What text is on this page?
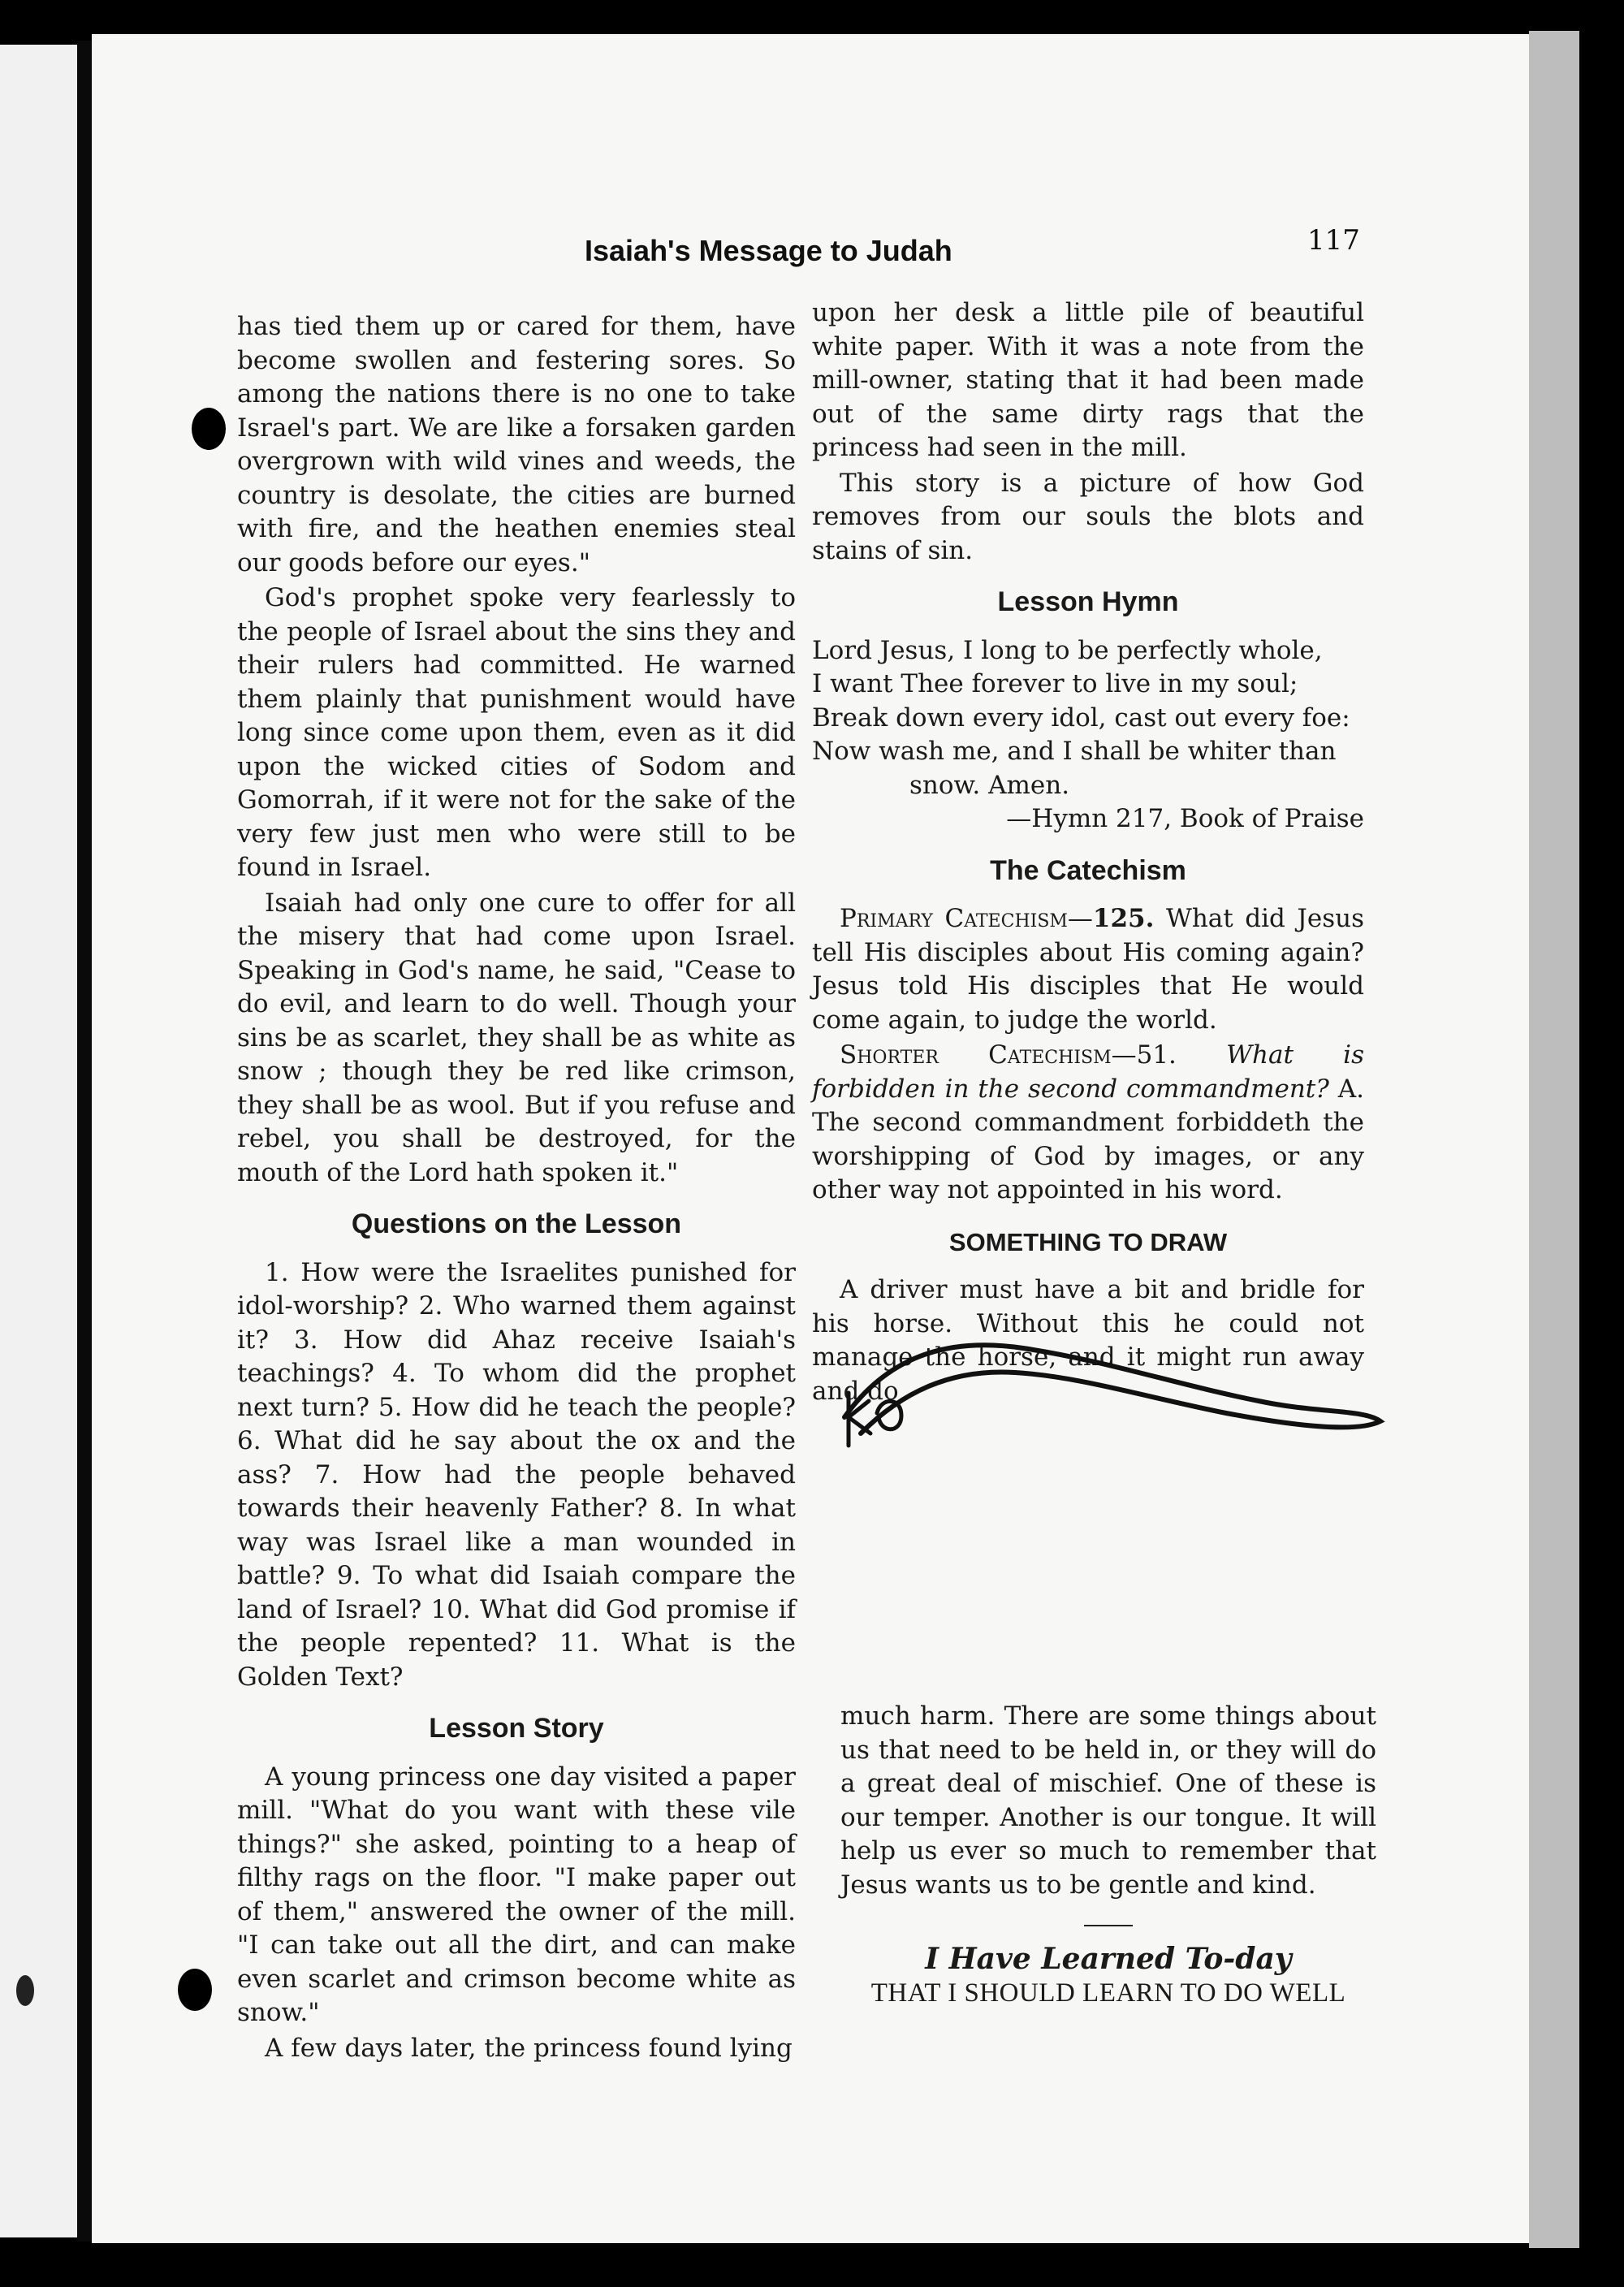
Isaiah's Message to Judah	117

has tied them up or cared for them, have become swollen and festering sores. So among the nations there is no one to take Israel's part. We are like a forsaken garden overgrown with wild vines and weeds, the country is desolate, the cities are burned with fire, and the heathen enemies steal our goods before our eyes."

God's prophet spoke very fearlessly to the people of Israel about the sins they and their rulers had committed. He warned them plainly that punishment would have long since come upon them, even as it did upon the wicked cities of Sodom and Gomorrah, if it were not for the sake of the very few just men who were still to be found in Israel.

Isaiah had only one cure to offer for all the misery that had come upon Israel. Speaking in God's name, he said, "Cease to do evil, and learn to do well. Though your sins be as scarlet, they shall be as white as snow ; though they be red like crimson, they shall be as wool. But if you refuse and rebel, you shall be destroyed, for the mouth of the Lord hath spoken it."

Questions on the Lesson

1. How were the Israelites punished for idol-worship? 2. Who warned them against it? 3. How did Ahaz receive Isaiah's teachings? 4. To whom did the prophet next turn? 5. How did he teach the people? 6. What did he say about the ox and the ass? 7. How had the people behaved towards their heavenly Father? 8. In what way was Israel like a man wounded in battle? 9. To what did Isaiah compare the land of Israel? 10. What did God promise if the people repented? 11. What is the Golden Text?

Lesson Story

A young princess one day visited a paper mill. "What do you want with these vile things?" she asked, pointing to a heap of filthy rags on the floor. "I make paper out of them," answered the owner of the mill. "I can take out all the dirt, and can make even scarlet and crimson become white as snow."

A few days later, the princess found lying

upon her desk a little pile of beautiful white paper. With it was a note from the mill-owner, stating that it had been made out of the same dirty rags that the princess had seen in the mill.

This story is a picture of how God removes from our souls the blots and stains of sin.

Lesson Hymn

Lord Jesus, I long to be perfectly whole,

I want Thee forever to live in my soul;

Break down every idol, cast out every foe:

Now wash me, and I shall be whiter than

snow. Amen.

—Hymn 217, Book of Praise

The Catechism

Primary Catechism—125. What did Jesus tell His disciples about His coming again? Jesus told His disciples that He would come again, to judge the world.

Shorter Catechism—51. What is forbidden in the second commandment? A. The second commandment forbiddeth the worshipping of God by images, or any other way not appointed in his word.

SOMETHING TO DRAW

A driver must have a bit and bridle for his horse. Without this he could not manage the horse, and it might run away and do

much harm. There are some things about us that need to be held in, or they will do a great deal of mischief. One of these is our temper. Another is our tongue. It will help us ever so much to remember that Jesus wants us to be gentle and kind.

I Have Learned To-day
THAT I SHOULD LEARN TO DO WELL
